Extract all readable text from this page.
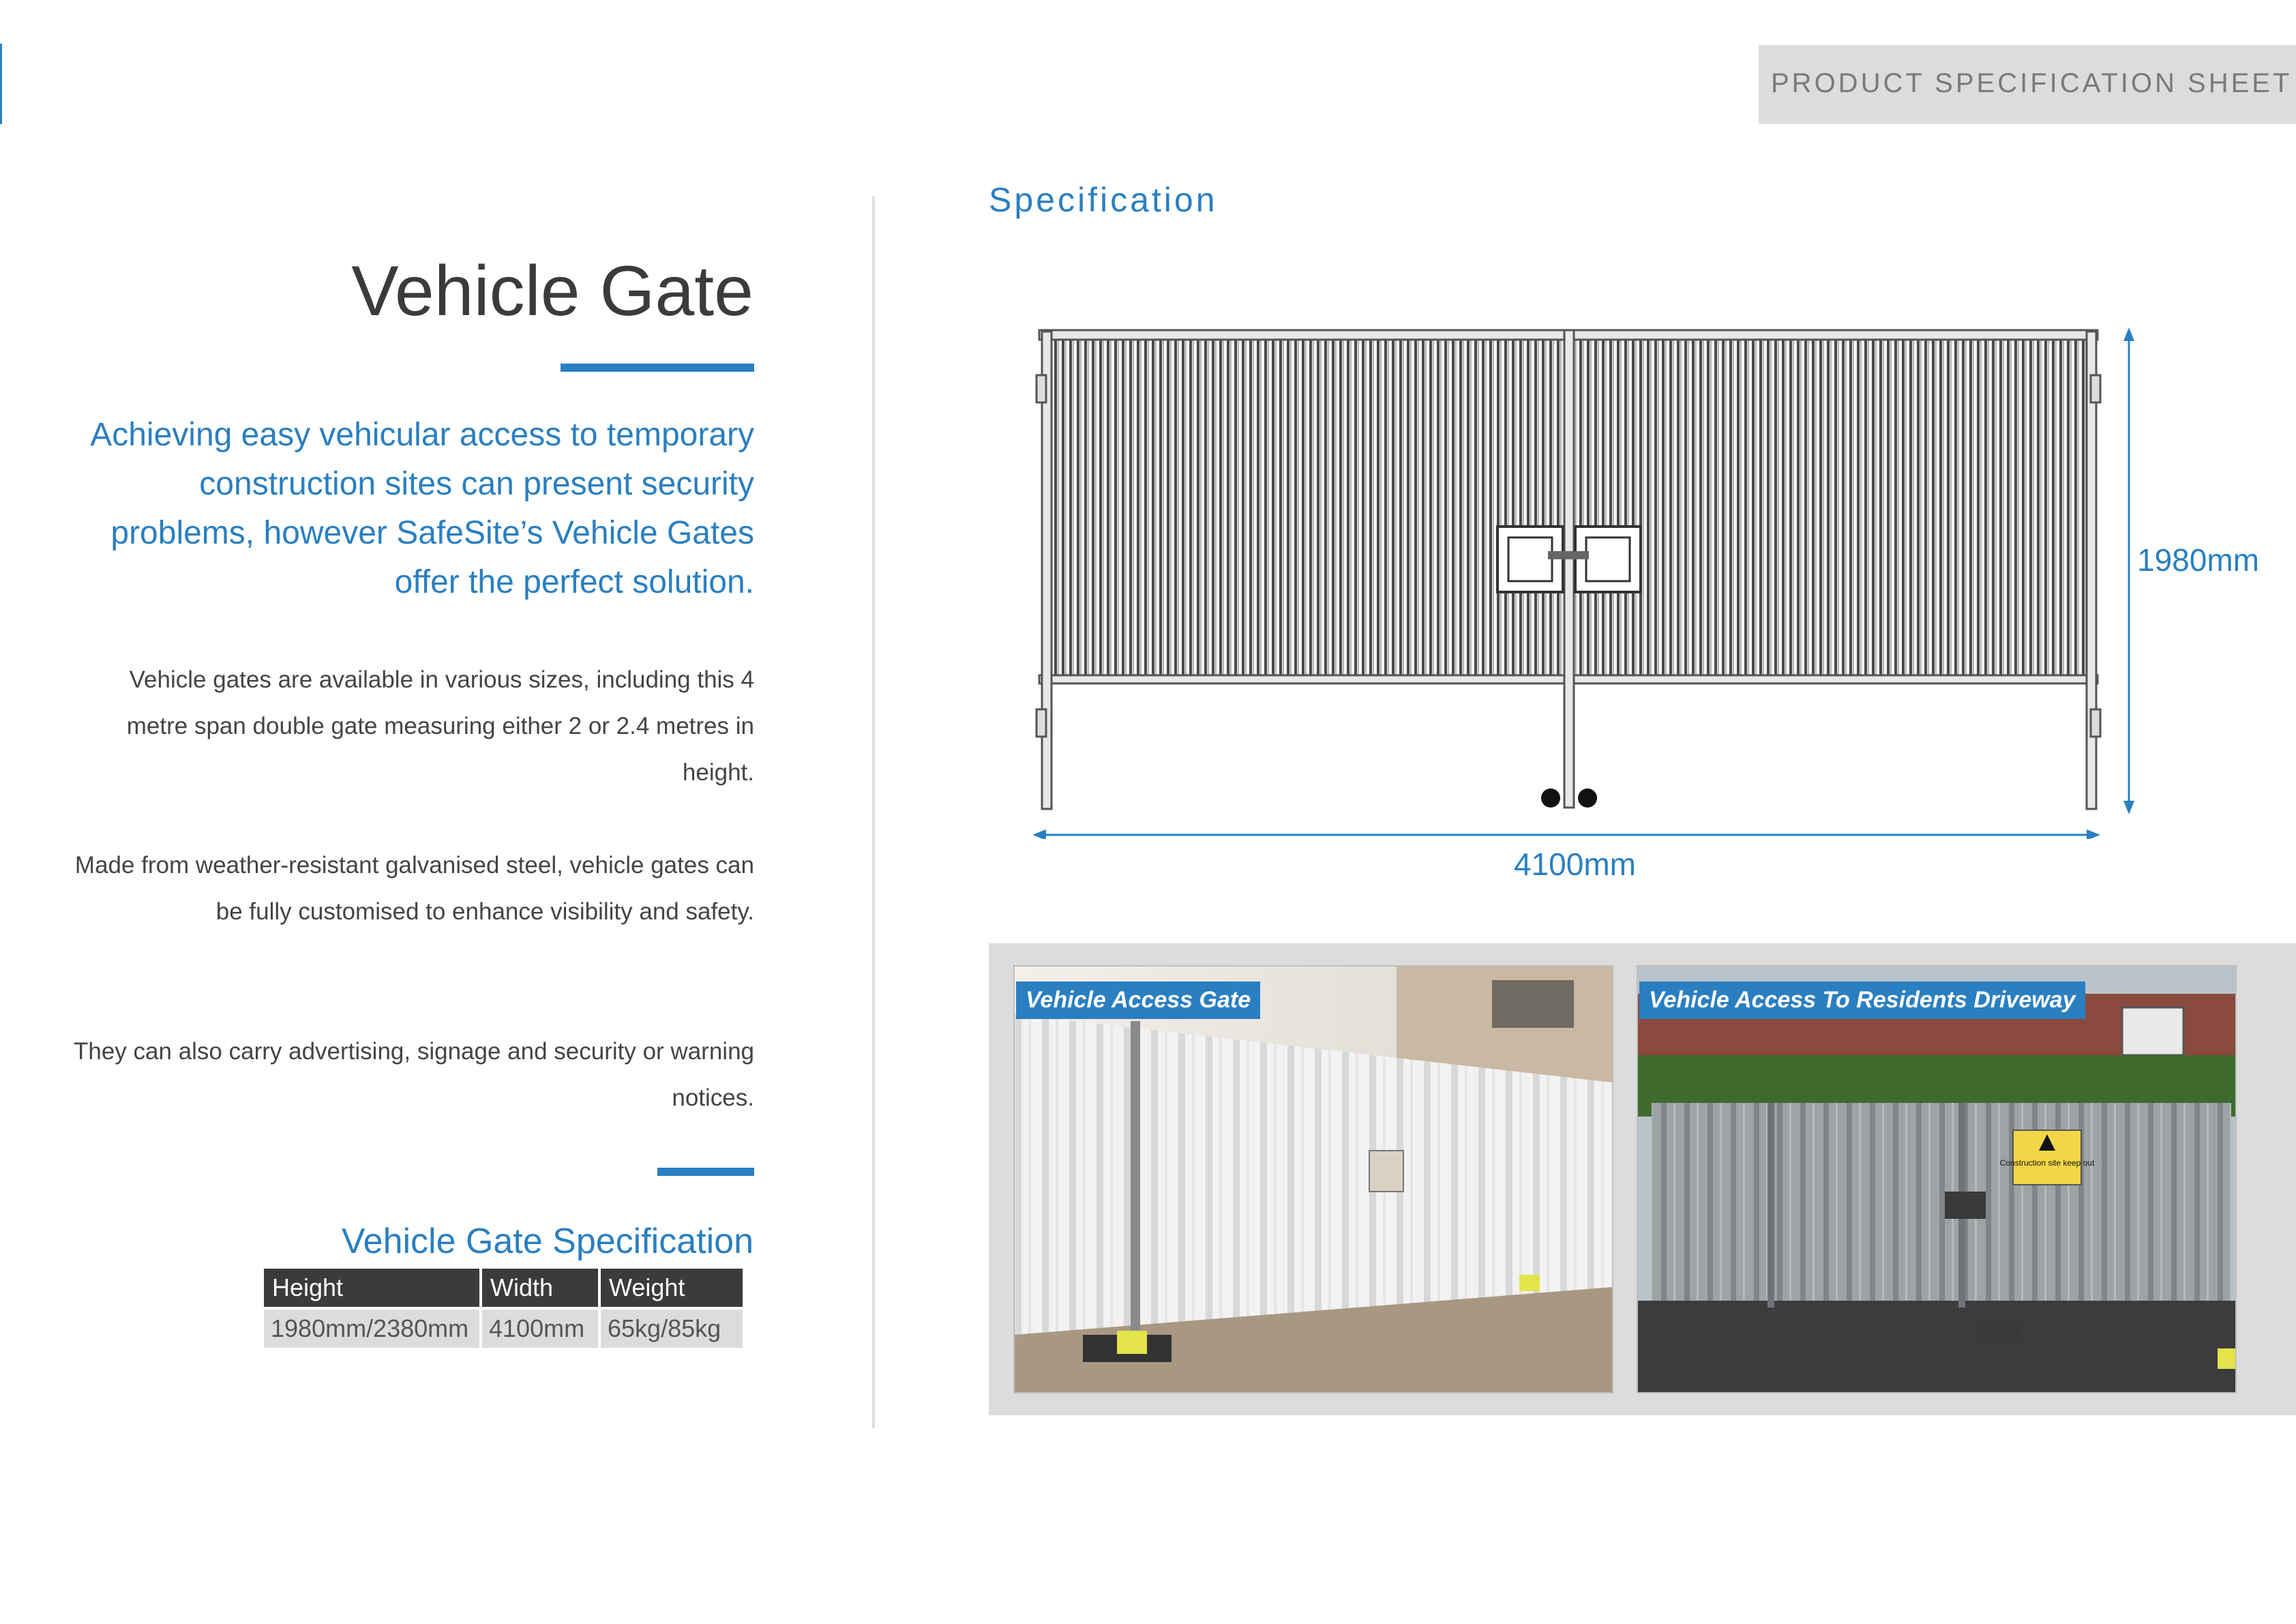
PRODUCT SPECIFICATION SHEET
Vehicle Gate
Achieving easy vehicular access to temporary construction sites can present security problems, however SafeSite’s Vehicle Gates offer the perfect solution.
Vehicle gates are available in various sizes, including this 4 metre span double gate measuring either 2 or 2.4 metres in height.
Made from weather-resistant galvanised steel, vehicle gates can be fully customised to enhance visibility and safety.
They can also carry advertising, signage and security or warning notices.
Vehicle Gate Specification
Height	Width	Weight
1980mm/2380mm	4100mm	65kg/85kg
Specification
4100mm
1980mm
Vehicle Access Gate
Construction site keep out
Vehicle Access To Residents Driveway
